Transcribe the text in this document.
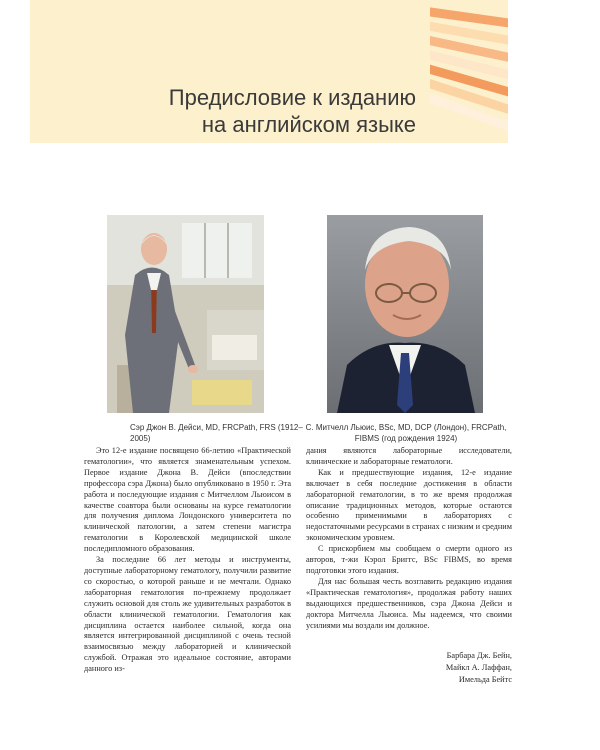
Предисловие к изданию
на английском языке
Сэр Джон В. Дейси, MD, FRCPath, FRS (1912–2005)
С. Митчелл Льюис, BSc, MD, DCP (Лондон), FRCPath,
FIBMS (год рождения 1924)

Это 12-е издание посвящено 66-летию «Практической гематологии», что является знаменательным успехом. Первое издание Джона В. Дейси (впоследствии профессора сэра Джона) было опубликовано в 1950 г. Эта работа и последующие издания с Митчеллом Льюисом в качестве соавтора были основаны на курсе гематологии для получения диплома Лондонского университета по клинической патологии, а затем степени магистра гематологии в Королевской медицинской школе последипломного образования.

За последние 66 лет методы и инструменты, доступные лабораторному гематологу, получили развитие со скоростью, о которой раньше и не мечтали. Однако лабораторная гематология по-прежнему продолжает служить основой для столь же удивительных разработок в области клинической гематологии. Гематология как дисциплина остается наиболее сильной, когда она является интегрированной дисциплиной с очень тесной взаимосвязью между лабораторией и клинической службой. Отражая это идеальное состояние, авторами данного из-

дания являются лабораторные исследователи, клинические и лабораторные гематологи.

Как и предшествующие издания, 12-е издание включает в себя последние достижения в области лабораторной гематологии, в то же время продолжая описание традиционных методов, которые остаются особенно применимыми в лабораториях с недостаточными ресурсами в странах с низким и средним экономическим уровнем.

С прискорбием мы сообщаем о смерти одного из авторов, т-жи Кэрол Бриггс, BSc FIBMS, во время подготовки этого издания.

Для нас большая честь возглавить редакцию издания «Практическая гематология», продолжая работу наших выдающихся предшественников, сэра Джона Дейси и доктора Митчелла Льюиса. Мы надеемся, что своими усилиями мы воздали им должное.

Барбара Дж. Бейн,
Майкл А. Лаффан,
Имельда Бейтс
